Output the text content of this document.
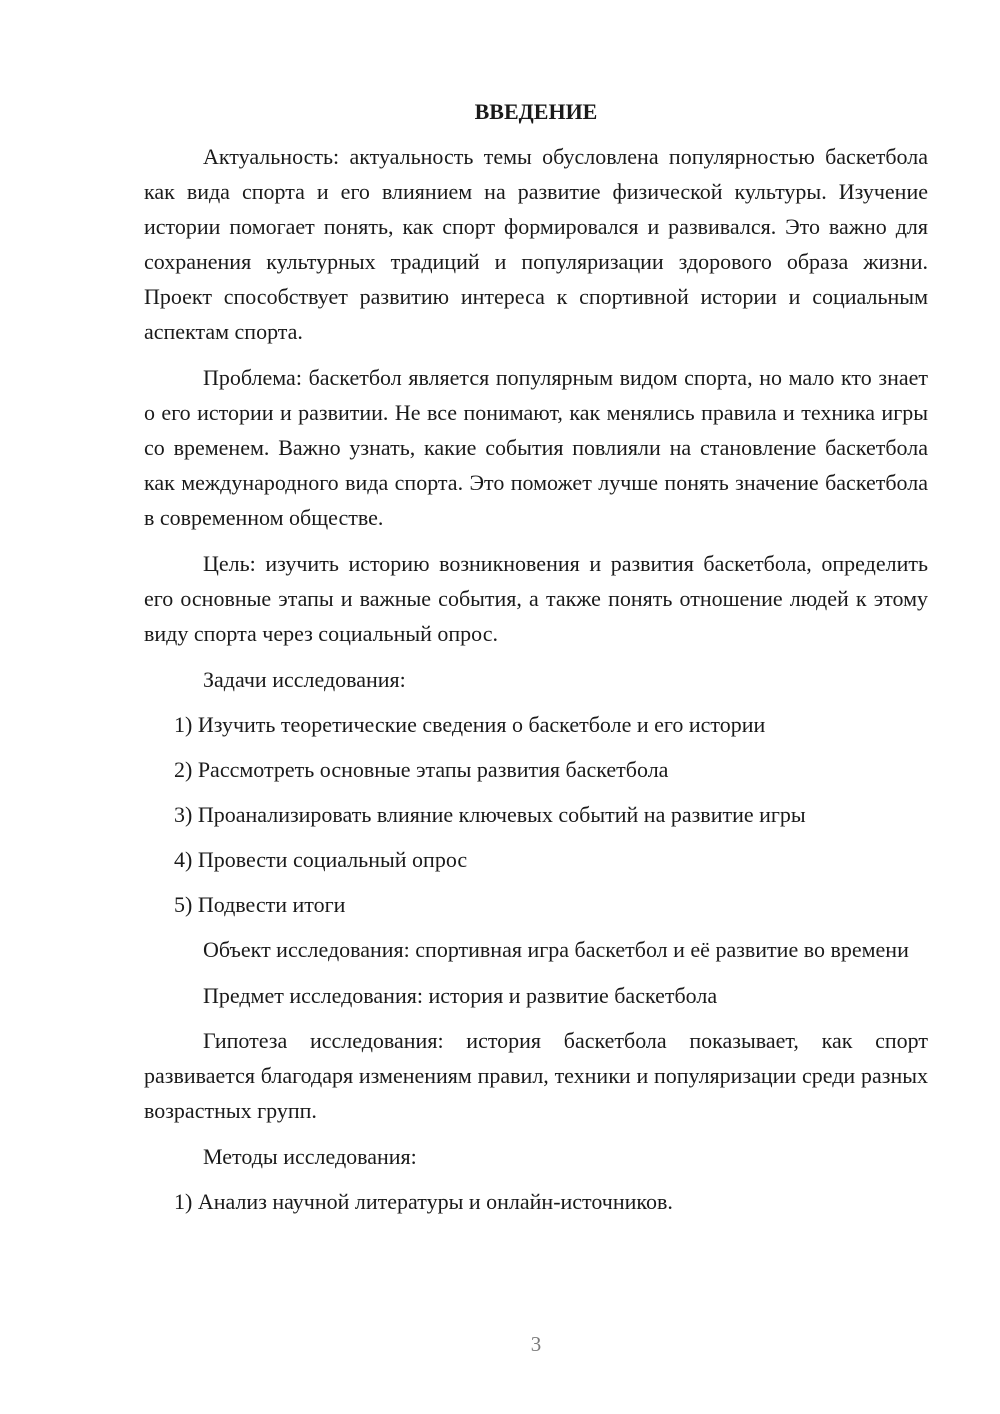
ВВЕДЕНИЕ

Актуальность: актуальность темы обусловлена популярностью баскетбола как вида спорта и его влиянием на развитие физической культуры. Изучение истории помогает понять, как спорт формировался и развивался. Это важно для сохранения культурных традиций и популяризации здорового образа жизни. Проект способствует развитию интереса к спортивной истории и социальным аспектам спорта.

Проблема: баскетбол является популярным видом спорта, но мало кто знает о его истории и развитии. Не все понимают, как менялись правила и техника игры со временем. Важно узнать, какие события повлияли на становление баскетбола как международного вида спорта. Это поможет лучше понять значение баскетбола в современном обществе.

Цель: изучить историю возникновения и развития баскетбола, определить его основные этапы и важные события, а также понять отношение людей к этому виду спорта через социальный опрос.

Задачи исследования:
1) Изучить теоретические сведения о баскетболе и его истории
2) Рассмотреть основные этапы развития баскетбола
3) Проанализировать влияние ключевых событий на развитие игры
4) Провести социальный опрос
5) Подвести итоги

Объект исследования: спортивная игра баскетбол и её развитие во времени

Предмет исследования: история и развитие баскетбола

Гипотеза исследования: история баскетбола показывает, как спорт развивается благодаря изменениям правил, техники и популяризации среди разных возрастных групп.

Методы исследования:
1) Анализ научной литературы и онлайн-источников.
3
